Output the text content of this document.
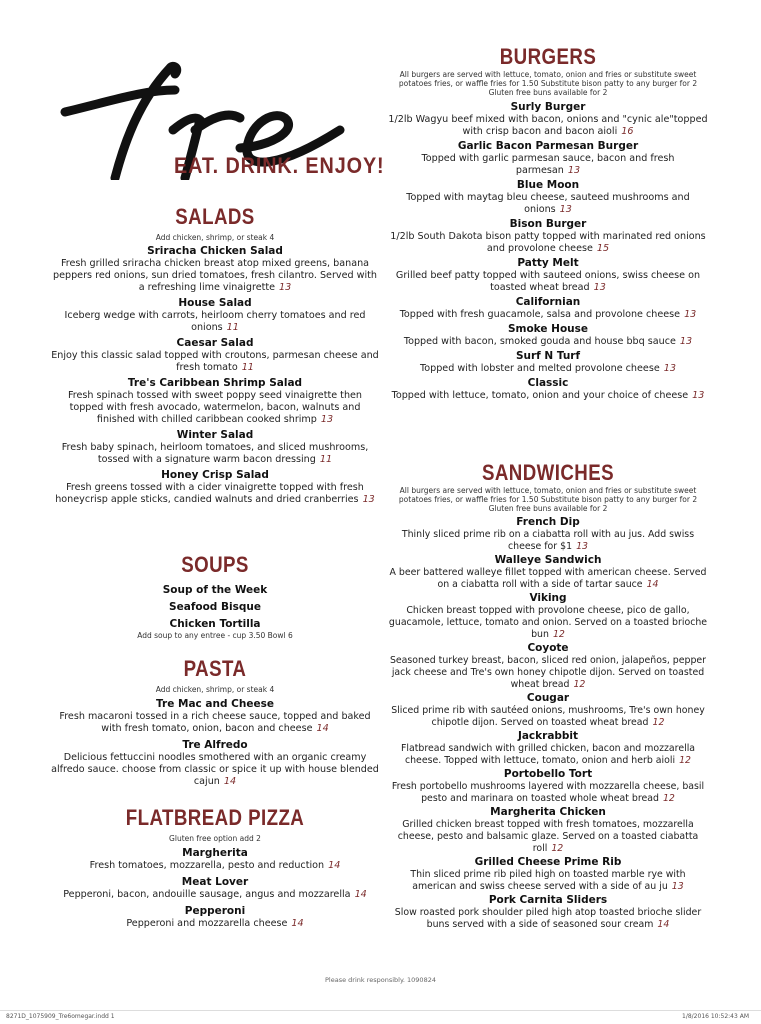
EAT. DRINK. ENJOY!
SALADS
Add chicken, shrimp, or steak 4
Sriracha Chicken Salad
Fresh grilled sriracha chicken breast atop mixed greens, banana peppers red onions, sun dried tomatoes, fresh cilantro. Served with a refreshing lime vinaigrette 13
House Salad
Iceberg wedge with carrots, heirloom cherry tomatoes and red onions 11
Caesar Salad
Enjoy this classic salad topped with croutons, parmesan cheese and fresh tomato 11
Tre's Caribbean Shrimp Salad
Fresh spinach tossed with sweet poppy seed vinaigrette then topped with fresh avocado, watermelon, bacon, walnuts and finished with chilled caribbean cooked shrimp 13
Winter Salad
Fresh baby spinach, heirloom tomatoes, and sliced mushrooms, tossed with a signature warm bacon dressing 11
Honey Crisp Salad
Fresh greens tossed with a cider vinaigrette topped with fresh honeycrisp apple sticks, candied walnuts and dried cranberries 13
SOUPS
Soup of the Week
Seafood Bisque
Chicken Tortilla
Add soup to any entree - cup 3.50 Bowl 6
PASTA
Add chicken, shrimp, or steak 4
Tre Mac and Cheese
Fresh macaroni tossed in a rich cheese sauce, topped and baked with fresh tomato, onion, bacon and cheese 14
Tre Alfredo
Delicious fettuccini noodles smothered with an organic creamy alfredo sauce. choose from classic or spice it up with house blended cajun 14
FLATBREAD PIZZA
Gluten free option add 2
Margherita
Fresh tomatoes, mozzarella, pesto and reduction 14
Meat Lover
Pepperoni, bacon, andouille sausage, angus and mozzarella 14
Pepperoni
Pepperoni and mozzarella cheese 14
BURGERS
All burgers are served with lettuce, tomato, onion and fries or substitute sweet potatoes fries, or waffle fries for 1.50 Substitute bison patty to any burger for 2 Gluten free buns available for 2
Surly Burger
1/2lb Wagyu beef mixed with bacon, onions and "cynic ale"topped with crisp bacon and bacon aioli 16
Garlic Bacon Parmesan Burger
Topped with garlic parmesan sauce, bacon and fresh parmesan 13
Blue Moon
Topped with maytag bleu cheese, sauteed mushrooms and onions 13
Bison Burger
1/2lb South Dakota bison patty topped with marinated red onions and provolone cheese 15
Patty Melt
Grilled beef patty topped with sauteed onions, swiss cheese on toasted wheat bread 13
Californian
Topped with fresh guacamole, salsa and provolone cheese 13
Smoke House
Topped with bacon, smoked gouda and house bbq sauce 13
Surf N Turf
Topped with lobster and melted provolone cheese 13
Classic
Topped with lettuce, tomato, onion and your choice of cheese 13
SANDWICHES
All burgers are served with lettuce, tomato, onion and fries or substitute sweet potatoes fries, or waffle fries for 1.50 Substitute bison patty to any burger for 2 Gluten free buns available for 2
French Dip
Thinly sliced prime rib on a ciabatta roll with au jus. Add swiss cheese for $1 13
Walleye Sandwich
A beer battered walleye fillet topped with american cheese. Served on a ciabatta roll with a side of tartar sauce 14
Viking
Chicken breast topped with provolone cheese, pico de gallo, guacamole, lettuce, tomato and onion. Served on a toasted brioche bun 12
Coyote
Seasoned turkey breast, bacon, sliced red onion, jalapeños, pepper jack cheese and Tre's own honey chipotle dijon. Served on toasted wheat bread 12
Cougar
Sliced prime rib with sautéed onions, mushrooms, Tre's own honey chipotle dijon. Served on toasted wheat bread 12
Jackrabbit
Flatbread sandwich with grilled chicken, bacon and mozzarella cheese. Topped with lettuce, tomato, onion and herb aioli 12
Portobello Tort
Fresh portobello mushrooms layered with mozzarella cheese, basil pesto and marinara on toasted whole wheat bread 12
Margherita Chicken
Grilled chicken breast topped with fresh tomatoes, mozzarella cheese, pesto and balsamic glaze. Served on a toasted ciabatta roll 12
Grilled Cheese Prime Rib
Thin sliced prime rib piled high on toasted marble rye with american and swiss cheese served with a side of au ju 13
Pork Carnita Sliders
Slow roasted pork shoulder piled high atop toasted brioche slider buns served with a side of seasoned sour cream 14
Please drink responsibly. 1090824
8271D_1075909_Tre6omegar.indd 1	1/8/2016 10:52:43 AM
